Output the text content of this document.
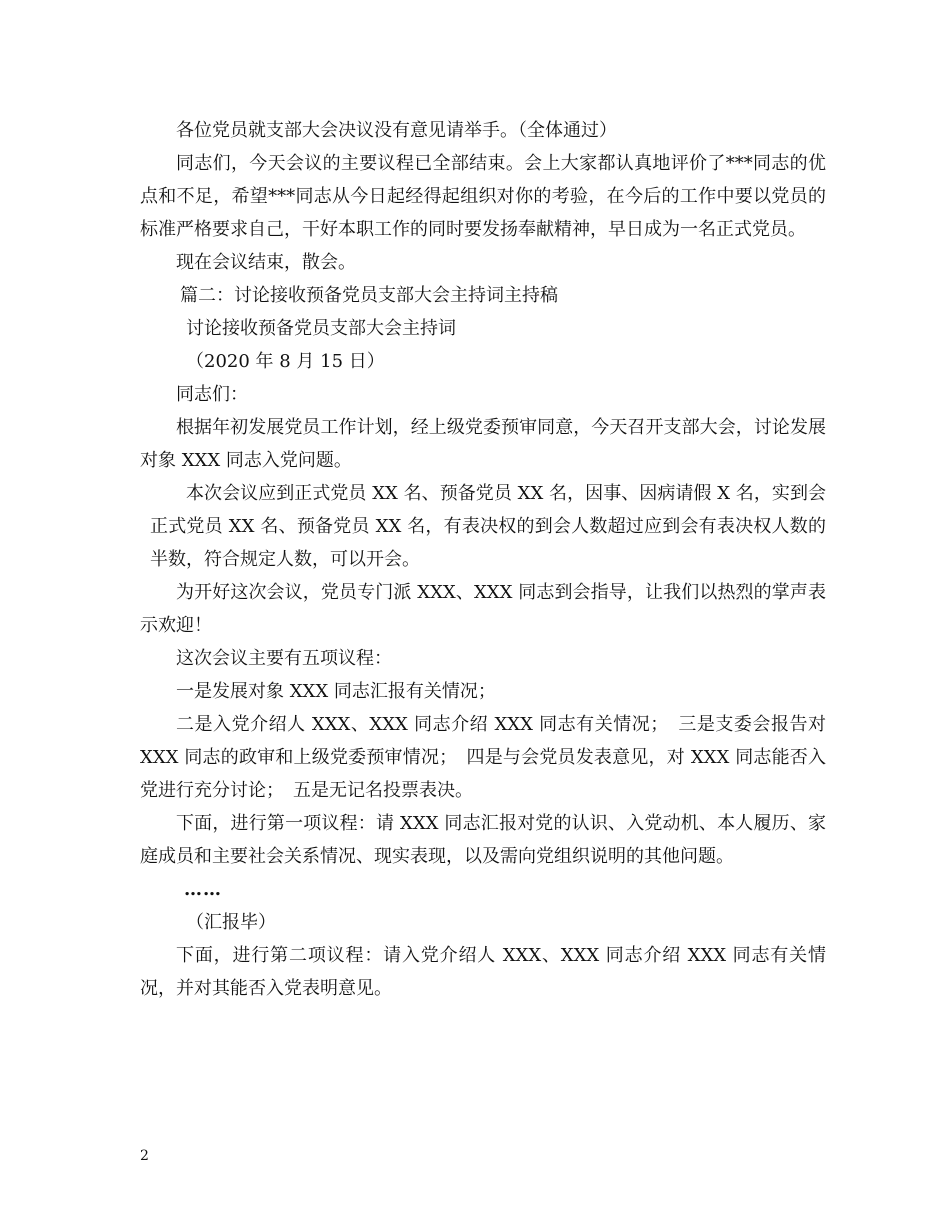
各位党员就支部大会决议没有意见请举手。（全体通过）

同志们，今天会议的主要议程已全部结束。会上大家都认真地评价了***同志的优点和不足，希望***同志从今日起经得起组织对你的考验，在今后的工作中要以党员的标准严格要求自己，干好本职工作的同时要发扬奉献精神，早日成为一名正式党员。

现在会议结束，散会。

篇二：讨论接收预备党员支部大会主持词主持稿

讨论接收预备党员支部大会主持词

（2020 年 8 月 15 日）

同志们：

根据年初发展党员工作计划，经上级党委预审同意，今天召开支部大会，讨论发展对象 XXX 同志入党问题。

本次会议应到正式党员 XX 名、预备党员 XX 名，因事、因病请假 X 名，实到会正式党员 XX 名、预备党员 XX 名，有表决权的到会人数超过应到会有表决权人数的半数，符合规定人数，可以开会。

为开好这次会议，党员专门派 XXX、XXX 同志到会指导，让我们以热烈的掌声表示欢迎！

这次会议主要有五项议程：

一是发展对象 XXX 同志汇报有关情况；

二是入党介绍人 XXX、XXX 同志介绍 XXX 同志有关情况；　三是支委会报告对 XXX 同志的政审和上级党委预审情况；　四是与会党员发表意见，对 XXX 同志能否入党进行充分讨论；　五是无记名投票表决。

下面，进行第一项议程：请 XXX 同志汇报对党的认识、入党动机、本人履历、家庭成员和主要社会关系情况、现实表现，以及需向党组织说明的其他问题。

……

（汇报毕）

下面，进行第二项议程：请入党介绍人 XXX、XXX 同志介绍 XXX 同志有关情况，并对其能否入党表明意见。

2
